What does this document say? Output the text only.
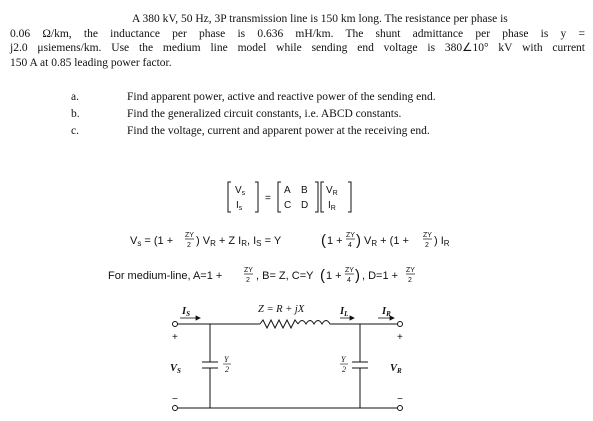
A 380 kV, 50 Hz, 3P transmission line is 150 km long. The resistance per phase is
0.06 Ω/km, the inductance per phase is 0.636 mH/km. The shunt admittance per phase is y =
j2.0 μsiemens/km. Use the medium line model while sending end voltage is 380∠10° kV with current
150 A at 0.85 leading power factor.
a.	Find apparent power, active and reactive power of the sending end.
b.	Find the generalized circuit constants, i.e. ABCD constants.
c.	Find the voltage, current and apparent power at the receiving end.
$V_s$
$I_s$
=
A B
C D
$V_R$
$I_R$
Vs = (1 + ZY
2 ) VR + Z IR, IS = Y	( 1 + ZY
4 ) VR + (1 + ZY
2 ) IR
For medium-line, A=1 +	ZY
2 , B= Z, C=Y ( 1 + ZY
4 ) , D=1 + ZY
2
IS	Z = R + jX	IL	IR
VS	VR
+
−
+
−
Y
2
Y
2
